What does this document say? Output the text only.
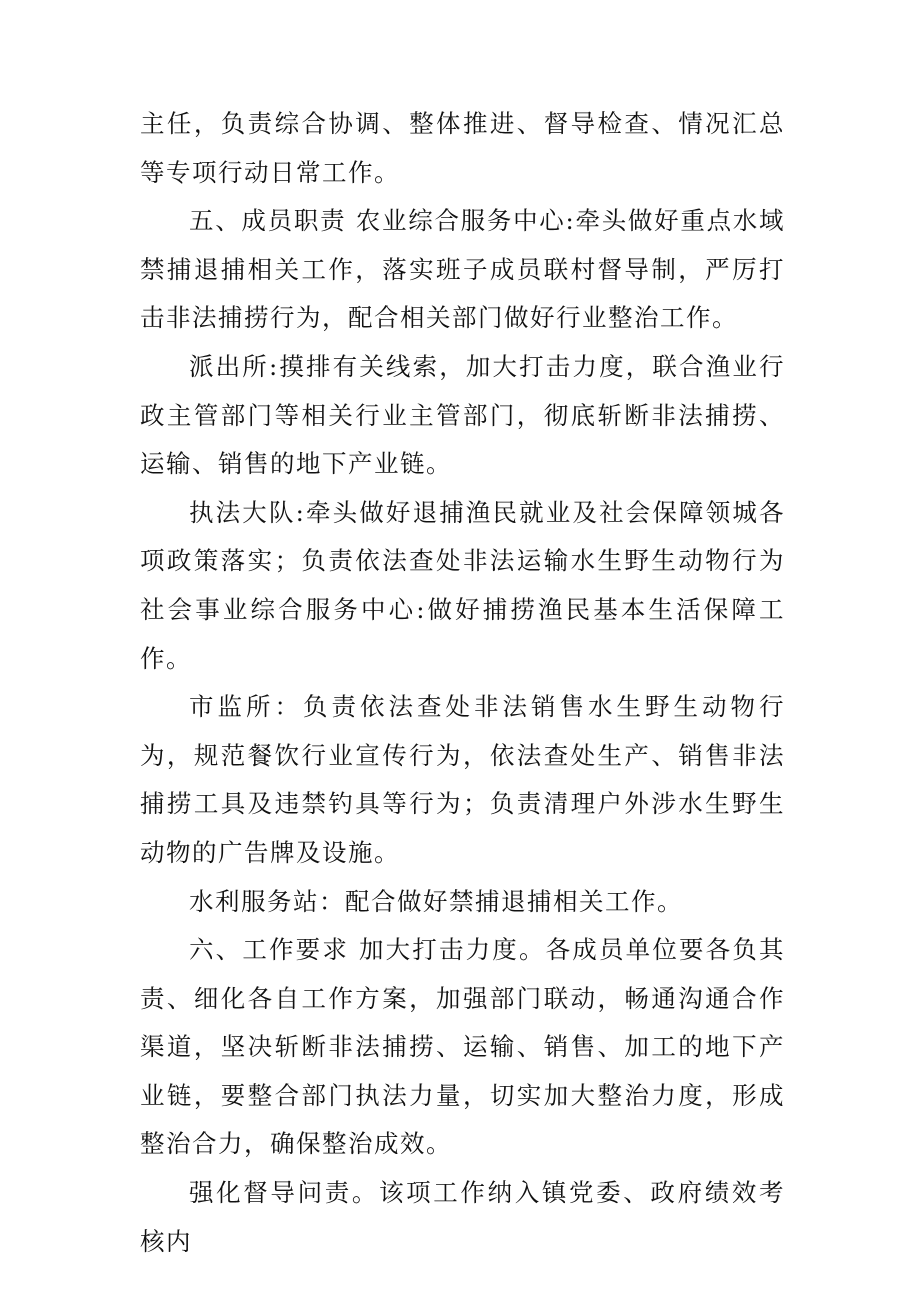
主任，负责综合协调、整体推进、督导检查、情况汇总等专项行动日常工作。

五、成员职责 农业综合服务中心:牵头做好重点水域禁捕退捕相关工作，落实班子成员联村督导制，严厉打击非法捕捞行为，配合相关部门做好行业整治工作。

派出所:摸排有关线索，加大打击力度，联合渔业行政主管部门等相关行业主管部门，彻底斩断非法捕捞、运输、销售的地下产业链。

执法大队:牵头做好退捕渔民就业及社会保障领城各项政策落实；负责依法查处非法运输水生野生动物行为 社会事业综合服务中心:做好捕捞渔民基本生活保障工作。

市监所：负责依法查处非法销售水生野生动物行为，规范餐饮行业宣传行为，依法查处生产、销售非法捕捞工具及违禁钓具等行为；负责清理户外涉水生野生动物的广告牌及设施。

水利服务站：配合做好禁捕退捕相关工作。

六、工作要求 加大打击力度。各成员单位要各负其责、细化各自工作方案，加强部门联动，畅通沟通合作渠道，坚决斩断非法捕捞、运输、销售、加工的地下产业链，要整合部门执法力量，切实加大整治力度，形成整治合力，确保整治成效。

强化督导问责。该项工作纳入镇党委、政府绩效考核内
